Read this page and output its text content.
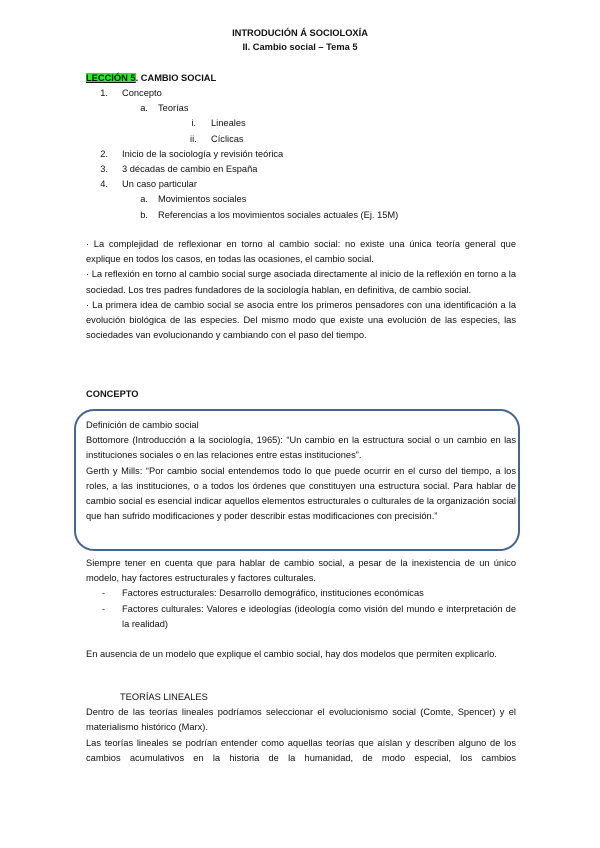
INTRODUCIÓN Á SOCIOLOXÍA
II. Cambio social – Tema 5
LECCIÓN 5. CAMBIO SOCIAL
1. Concepto
a. Teorías
i. Lineales
ii. Cíclicas
2. Inicio de la sociología y revisión teórica
3. 3 décadas de cambio en España
4. Un caso particular
a. Movimientos sociales
b. Referencias a los movimientos sociales actuales (Ej. 15M)

· La complejidad de reflexionar en torno al cambio social: no existe una única teoría general que explique en todos los casos, en todas las ocasiones, el cambio social.

· La reflexión en torno al cambio social surge asociada directamente al inicio de la reflexión en torno a la sociedad. Los tres padres fundadores de la sociología hablan, en definitiva, de cambio social.

· La primera idea de cambio social se asocia entre los primeros pensadores con una identificación a la evolución biológica de las especies. Del mismo modo que existe una evolución de las especies, las sociedades van evolucionando y cambiando con el paso del tiempo.

CONCEPTO

Definición de cambio social

Bottomore (Introducción a la sociología, 1965): “Un cambio en la estructura social o un cambio en las instituciones sociales o en las relaciones entre estas instituciones”.

Gerth y Mills: “Por cambio social entendemos todo lo que puede ocurrir en el curso del tiempo, a los roles, a las instituciones, o a todos los órdenes que constituyen una estructura social. Para hablar de cambio social es esencial indicar aquellos elementos estructurales o culturales de la organización social que han sufrido modificaciones y poder describir estas modificaciones con precisión.”

Siempre tener en cuenta que para hablar de cambio social, a pesar de la inexistencia de un único modelo, hay factores estructurales y factores culturales.

- Factores estructurales: Desarrollo demográfico, instituciones económicas

- Factores culturales: Valores e ideologías (ideología como visión del mundo e interpretación de la realidad)

En ausencia de un modelo que explique el cambio social, hay dos modelos que permiten explicarlo.

TEORÍAS LINEALES

Dentro de las teorías lineales podríamos seleccionar el evolucionismo social (Comte, Spencer) y el materialismo histórico (Marx).

Las teorías lineales se podrían entender como aquellas teorías que aíslan y describen alguno de los cambios acumulativos en la historia de la humanidad, de modo especial, los cambios
